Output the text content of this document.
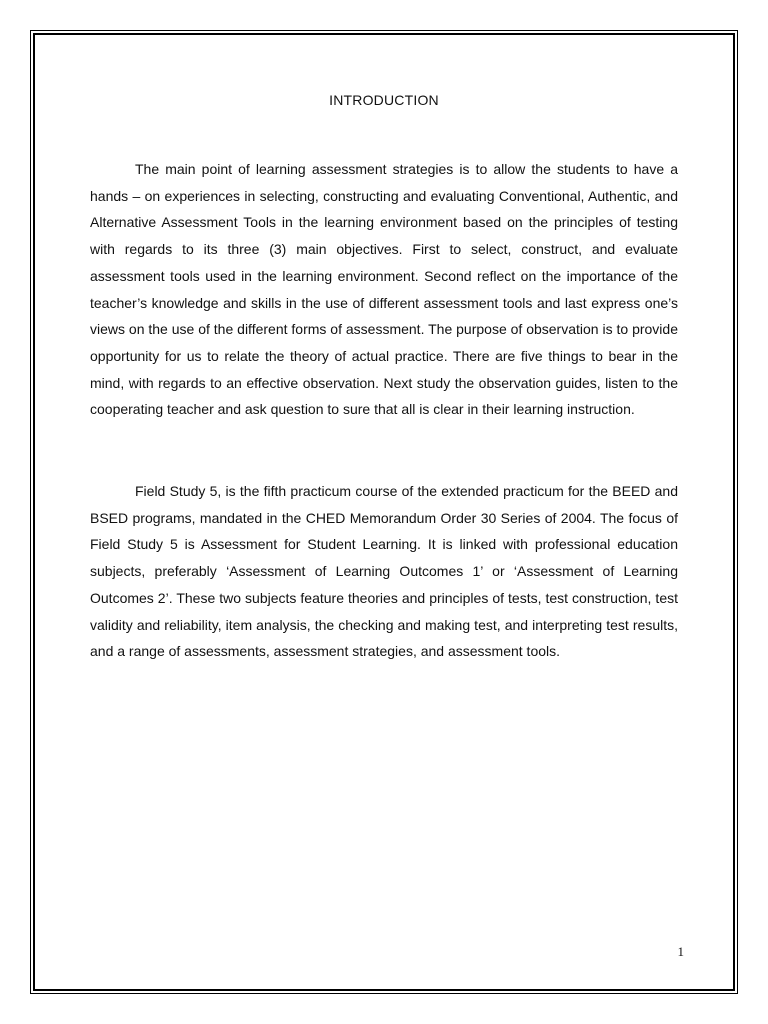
INTRODUCTION

The main point of learning assessment strategies is to allow the students to have a hands – on experiences in selecting, constructing and evaluating Conventional, Authentic, and Alternative Assessment Tools in the learning environment based on the principles of testing with regards to its three (3) main objectives. First to select, construct, and evaluate assessment tools used in the learning environment. Second reflect on the importance of the teacher’s knowledge and skills in the use of different assessment tools and last express one’s views on the use of the different forms of assessment. The purpose of observation is to provide opportunity for us to relate the theory of actual practice. There are five things to bear in the mind, with regards to an effective observation. Next study the observation guides, listen to the cooperating teacher and ask question to sure that all is clear in their learning instruction.

Field Study 5, is the fifth practicum course of the extended practicum for the BEED and BSED programs, mandated in the CHED Memorandum Order 30 Series of 2004. The focus of Field Study 5 is Assessment for Student Learning. It is linked with professional education subjects, preferably ‘Assessment of Learning Outcomes 1’ or ‘Assessment of Learning Outcomes 2’. These two subjects feature theories and principles of tests, test construction, test validity and reliability, item analysis, the checking and making test, and interpreting test results, and a range of assessments, assessment strategies, and assessment tools.

1
